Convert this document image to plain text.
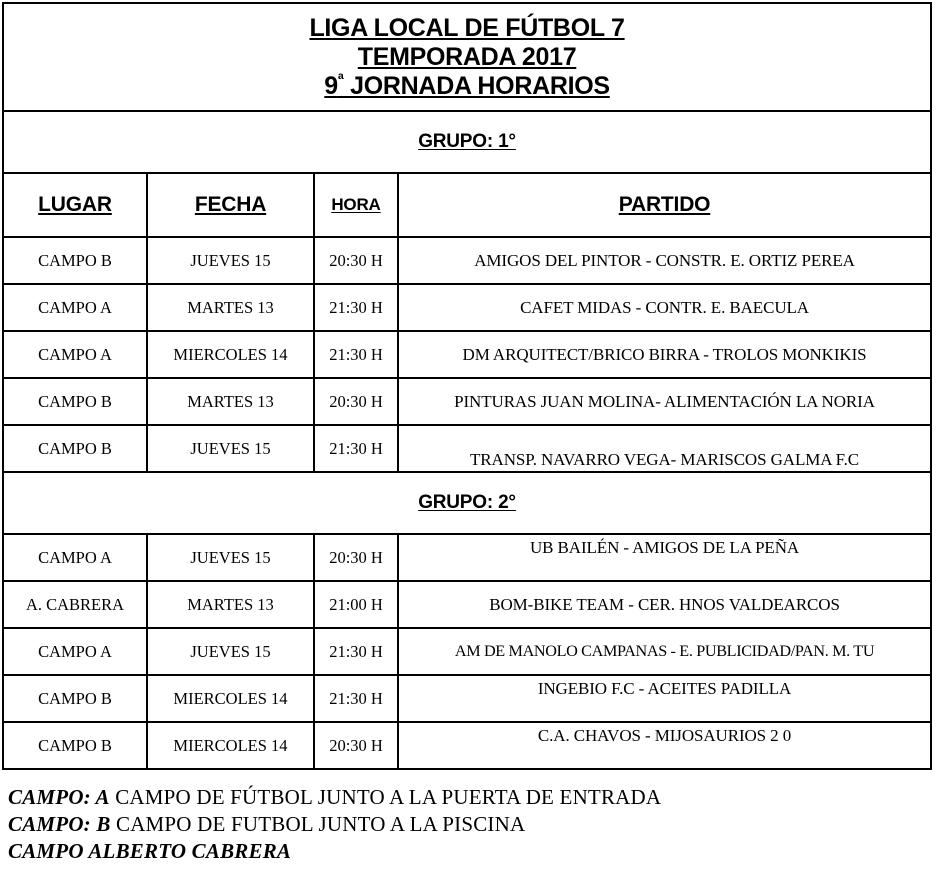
LIGA LOCAL DE FÚTBOL 7
TEMPORADA 2017
$9^ª$ JORNADA HORARIOS			

GRUPO: 1°			
LUGAR	FECHA	HORA	PARTIDO

CAMPO B	JUEVES 15	20:30 H	AMIGOS DEL PINTOR - CONSTR. E. ORTIZ PEREA

CAMPO A	MARTES 13	21:30 H	CAFET MIDAS - CONTR. E. BAECULA

CAMPO A	MIERCOLES 14	21:30 H	DM ARQUITECT/BRICO BIRRA - TROLOS MONKIKIS

CAMPO B	MARTES 13	20:30 H	PINTURAS JUAN MOLINA- ALIMENTACIÓN LA NORIA

CAMPO B	JUEVES 15	21:30 H	TRANSP. NAVARRO VEGA- MARISCOS GALMA F.C

GRUPO: 2°			

CAMPO A	JUEVES 15	20:30 H	UB BAILÉN - AMIGOS DE LA PEÑA

A. CABRERA	MARTES 13	21:00 H	BOM-BIKE TEAM - CER. HNOS VALDEARCOS

CAMPO A	JUEVES 15	21:30 H	AM DE MANOLO CAMPANAS - E. PUBLICIDAD/PAN. M. TU

CAMPO B	MIERCOLES 14	21:30 H	INGEBIO F.C - ACEITES PADILLA

CAMPO B	MIERCOLES 14	20:30 H	C.A. CHAVOS - MIJOSAURIOS 2 0
CAMPO: A CAMPO DE FÚTBOL JUNTO A LA PUERTA DE ENTRADA
CAMPO: B CAMPO DE FUTBOL JUNTO A LA PISCINA
CAMPO ALBERTO CABRERA
